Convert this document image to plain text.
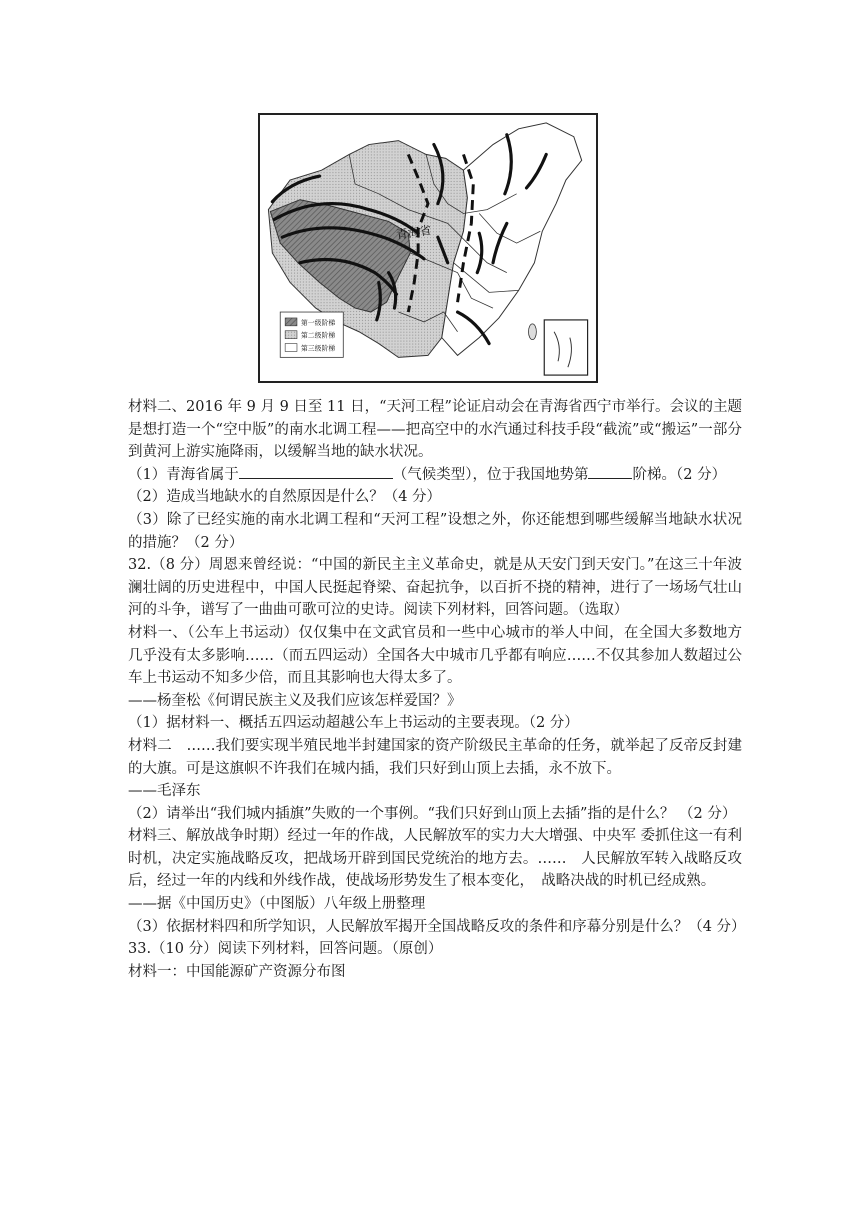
青海省
第一级阶梯
第二级阶梯
第三级阶梯

材料二、2016 年 9 月 9 日至 11 日，“天河工程”论证启动会在青海省西宁市举行。会议的主题是想打造一个“空中版”的南水北调工程——把高空中的水汽通过科技手段“截流”或“搬运”一部分到黄河上游实施降雨，以缓解当地的缺水状况。

（1）青海省属于	（气候类型），位于我国地势第	阶梯。（2 分）

（2）造成当地缺水的自然原因是什么？（4 分）

（3）除了已经实施的南水北调工程和“天河工程”设想之外，你还能想到哪些缓解当地缺水状况的措施？（2 分）

32.（8 分）周恩来曾经说：“中国的新民主主义革命史，就是从天安门到天安门。”在这三十年波澜壮阔的历史进程中，中国人民挺起脊梁、奋起抗争，以百折不挠的精神，进行了一场场气壮山河的斗争，谱写了一曲曲可歌可泣的史诗。阅读下列材料，回答问题。（选取）

材料一、（公车上书运动）仅仅集中在文武官员和一些中心城市的举人中间，在全国大多数地方几乎没有太多影响……（而五四运动）全国各大中城市几乎都有响应……不仅其参加人数超过公车上书运动不知多少倍，而且其影响也大得太多了。

——杨奎松《何谓民族主义及我们应该怎样爱国？》

（1）据材料一、概括五四运动超越公车上书运动的主要表现。（2 分）

材料二　……我们要实现半殖民地半封建国家的资产阶级民主革命的任务，就举起了反帝反封建的大旗。可是这旗帜不许我们在城内插，我们只好到山顶上去插，永不放下。

——毛泽东

（2）请举出“我们城内插旗”失败的一个事例。“我们只好到山顶上去插”指的是什么？ （2 分）

材料三、解放战争时期）经过一年的作战，人民解放军的实力大大增强、中央军 委抓住这一有利时机，决定实施战略反攻，把战场开辟到国民党统治的地方去。……　人民解放军转入战略反攻后，经过一年的内线和外线作战，使战场形势发生了根本变化，　战略决战的时机已经成熟。

——据《中国历史》（中图版）八年级上册整理

（3）依据材料四和所学知识，人民解放军揭开全国战略反攻的条件和序幕分别是什么？（4 分）

33.（10 分）阅读下列材料，回答问题。（原创）

材料一：中国能源矿产资源分布图
